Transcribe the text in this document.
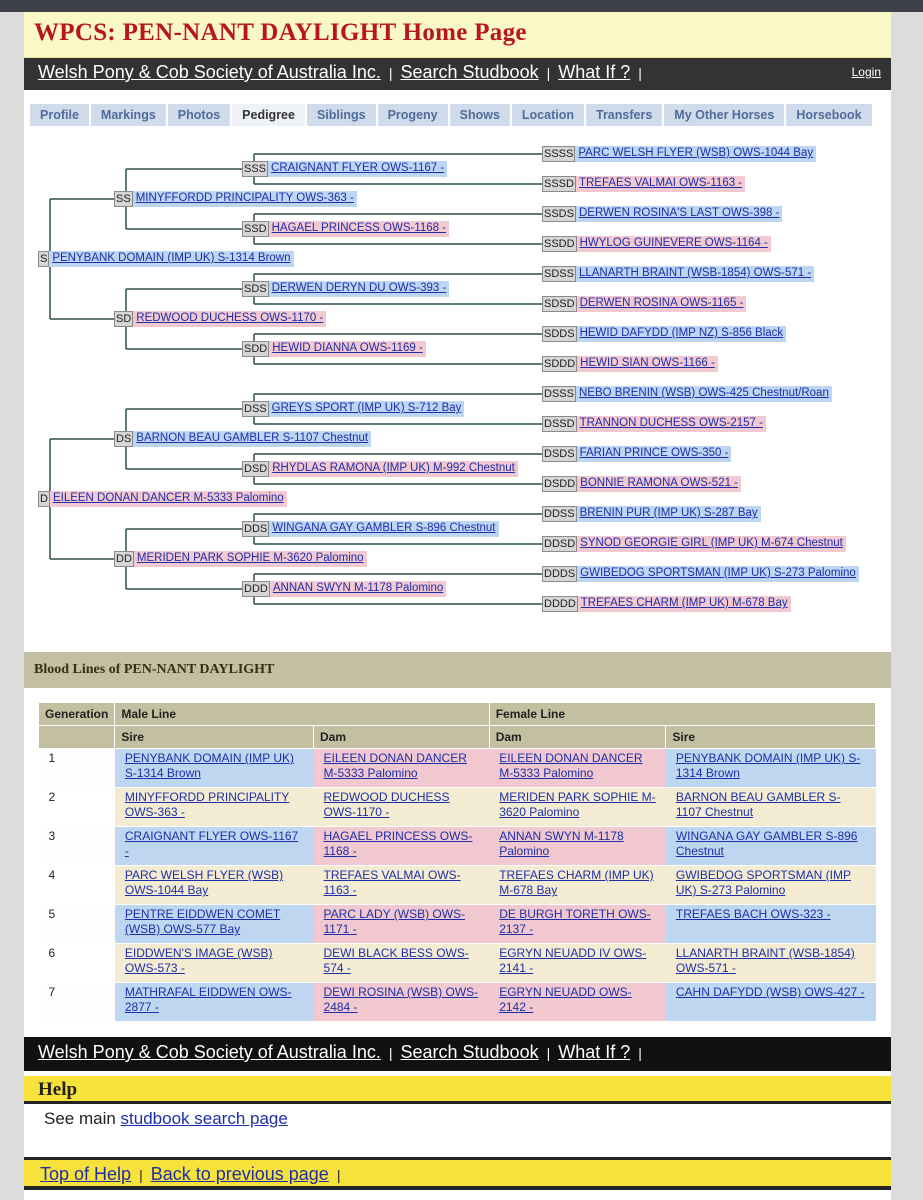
WPCS: PEN-NANT DAYLIGHT Home Page
Welsh Pony & Cob Society of Australia Inc. | Search Studbook | What If ? |	Login
Profile Markings Photos Pedigree Siblings Progeny Shows Location Transfers My Other Horses Horsebook
S PENYBANK DOMAIN (IMP UK) S-1314 Brown
SS MINYFFORDD PRINCIPALITY OWS-363 -
SD REDWOOD DUCHESS OWS-1170 -
SSS CRAIGNANT FLYER OWS-1167 -
SSD HAGAEL PRINCESS OWS-1168 -
SDS DERWEN DERYN DU OWS-393 -
SDD HEWID DIANNA OWS-1169 -
SSSS PARC WELSH FLYER (WSB) OWS-1044 Bay
SSSD TREFAES VALMAI OWS-1163 -
SSDS DERWEN ROSINA'S LAST OWS-398 -
SSDD HWYLOG GUINEVERE OWS-1164 -
SDSS LLANARTH BRAINT (WSB-1854) OWS-571 -
SDSD DERWEN ROSINA OWS-1165 -
SDDS HEWID DAFYDD (IMP NZ) S-856 Black
SDDD HEWID SIAN OWS-1166 -
D EILEEN DONAN DANCER M-5333 Palomino
DS BARNON BEAU GAMBLER S-1107 Chestnut
DD MERIDEN PARK SOPHIE M-3620 Palomino
DSS GREYS SPORT (IMP UK) S-712 Bay
DSD RHYDLAS RAMONA (IMP UK) M-992 Chestnut
DDS WINGANA GAY GAMBLER S-896 Chestnut
DDD ANNAN SWYN M-1178 Palomino
DSSS NEBO BRENIN (WSB) OWS-425 Chestnut/Roan
DSSD TRANNON DUCHESS OWS-2157 -
DSDS FARIAN PRINCE OWS-350 -
DSDD BONNIE RAMONA OWS-521 -
DDSS BRENIN PUR (IMP UK) S-287 Bay
DDSD SYNOD GEORGIE GIRL (IMP UK) M-674 Chestnut
DDDS GWIBEDOG SPORTSMAN (IMP UK) S-273 Palomino
DDDD TREFAES CHARM (IMP UK) M-678 Bay
Blood Lines of PEN-NANT DAYLIGHT
Generation	Male Line		Female Line	
	Sire	Dam	Dam	Sire
1	PENYBANK DOMAIN (IMP UK) S-1314 Brown	EILEEN DONAN DANCER M-5333 Palomino	EILEEN DONAN DANCER M-5333 Palomino	PENYBANK DOMAIN (IMP UK) S-1314 Brown
2	MINYFFORDD PRINCIPALITY OWS-363 -	REDWOOD DUCHESS OWS-1170 -	MERIDEN PARK SOPHIE M-3620 Palomino	BARNON BEAU GAMBLER S-1107 Chestnut
3	CRAIGNANT FLYER OWS-1167 -	HAGAEL PRINCESS OWS-1168 -	ANNAN SWYN M-1178 Palomino	WINGANA GAY GAMBLER S-896 Chestnut
4	PARC WELSH FLYER (WSB) OWS-1044 Bay	TREFAES VALMAI OWS-1163 -	TREFAES CHARM (IMP UK) M-678 Bay	GWIBEDOG SPORTSMAN (IMP UK) S-273 Palomino
5	PENTRE EIDDWEN COMET (WSB) OWS-577 Bay	PARC LADY (WSB) OWS-1171 -	DE BURGH TORETH OWS-2137 -	TREFAES BACH OWS-323 -
6	EIDDWEN'S IMAGE (WSB) OWS-573 -	DEWI BLACK BESS OWS-574 -	EGRYN NEUADD IV OWS-2141 -	LLANARTH BRAINT (WSB-1854) OWS-571 -
7	MATHRAFAL EIDDWEN OWS-2877 -	DEWI ROSINA (WSB) OWS-2484 -	EGRYN NEUADD OWS-2142 -	CAHN DAFYDD (WSB) OWS-427 -
Welsh Pony & Cob Society of Australia Inc. | Search Studbook | What If ? |
Help
See main studbook search page
Top of Help | Back to previous page |
